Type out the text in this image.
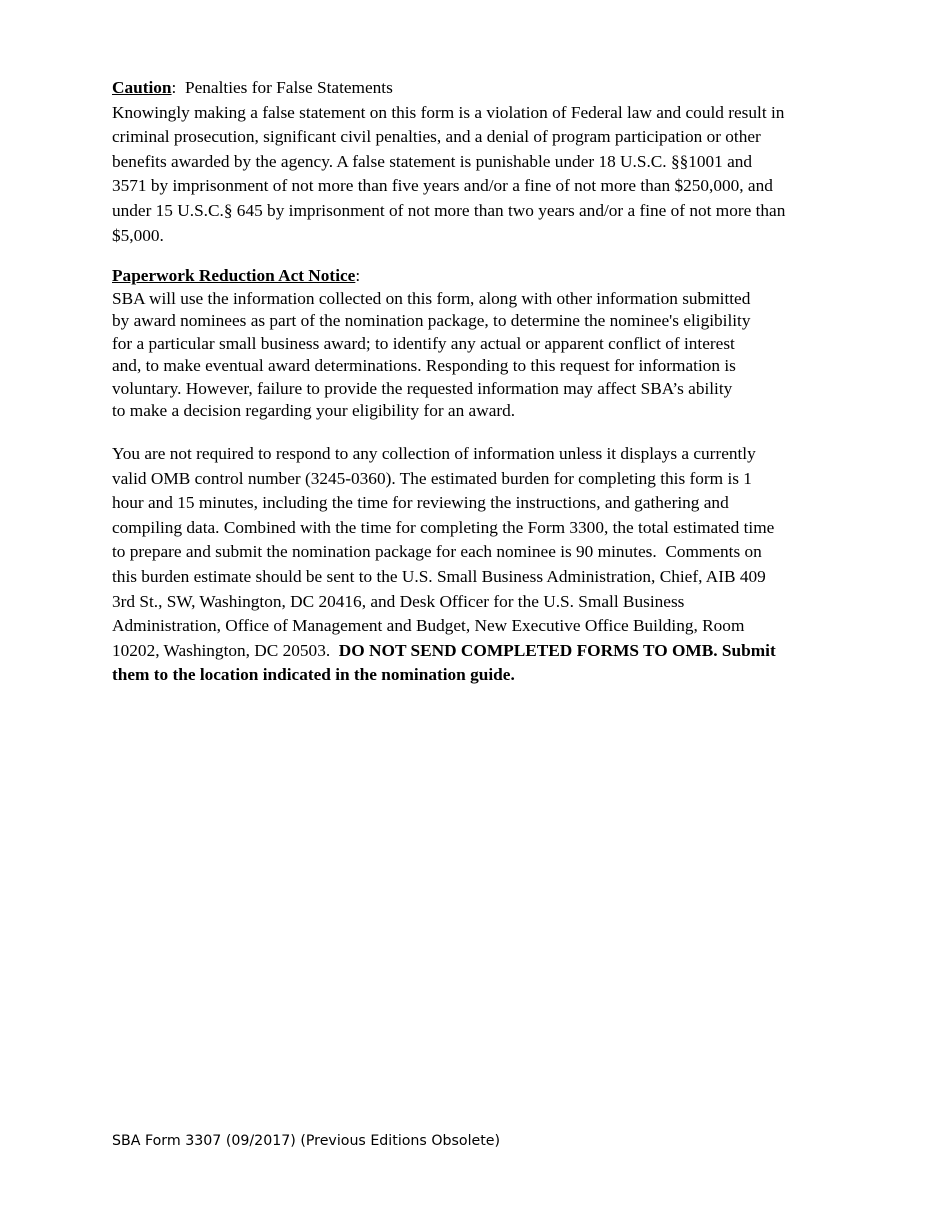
Caution:  Penalties for False Statements
Knowingly making a false statement on this form is a violation of Federal law and could result in
criminal prosecution, significant civil penalties, and a denial of program participation or other
benefits awarded by the agency. A false statement is punishable under 18 U.S.C. §§1001 and
3571 by imprisonment of not more than five years and/or a fine of not more than $250,000, and
under 15 U.S.C.§ 645 by imprisonment of not more than two years and/or a fine of not more than
$5,000.
Paperwork Reduction Act Notice:
SBA will use the information collected on this form, along with other information submitted
by award nominees as part of the nomination package, to determine the nominee's eligibility
for a particular small business award; to identify any actual or apparent conflict of interest
and, to make eventual award determinations. Responding to this request for information is
voluntary. However, failure to provide the requested information may affect SBA’s ability
to make a decision regarding your eligibility for an award.
You are not required to respond to any collection of information unless it displays a currently
valid OMB control number (3245-0360). The estimated burden for completing this form is 1
hour and 15 minutes, including the time for reviewing the instructions, and gathering and
compiling data. Combined with the time for completing the Form 3300, the total estimated time
to prepare and submit the nomination package for each nominee is 90 minutes.  Comments on
this burden estimate should be sent to the U.S. Small Business Administration, Chief, AIB 409
3rd St., SW, Washington, DC 20416, and Desk Officer for the U.S. Small Business
Administration, Office of Management and Budget, New Executive Office Building, Room
10202, Washington, DC 20503.  DO NOT SEND COMPLETED FORMS TO OMB. Submit
them to the location indicated in the nomination guide.
SBA Form 3307 (09/2017) (Previous Editions Obsolete)
